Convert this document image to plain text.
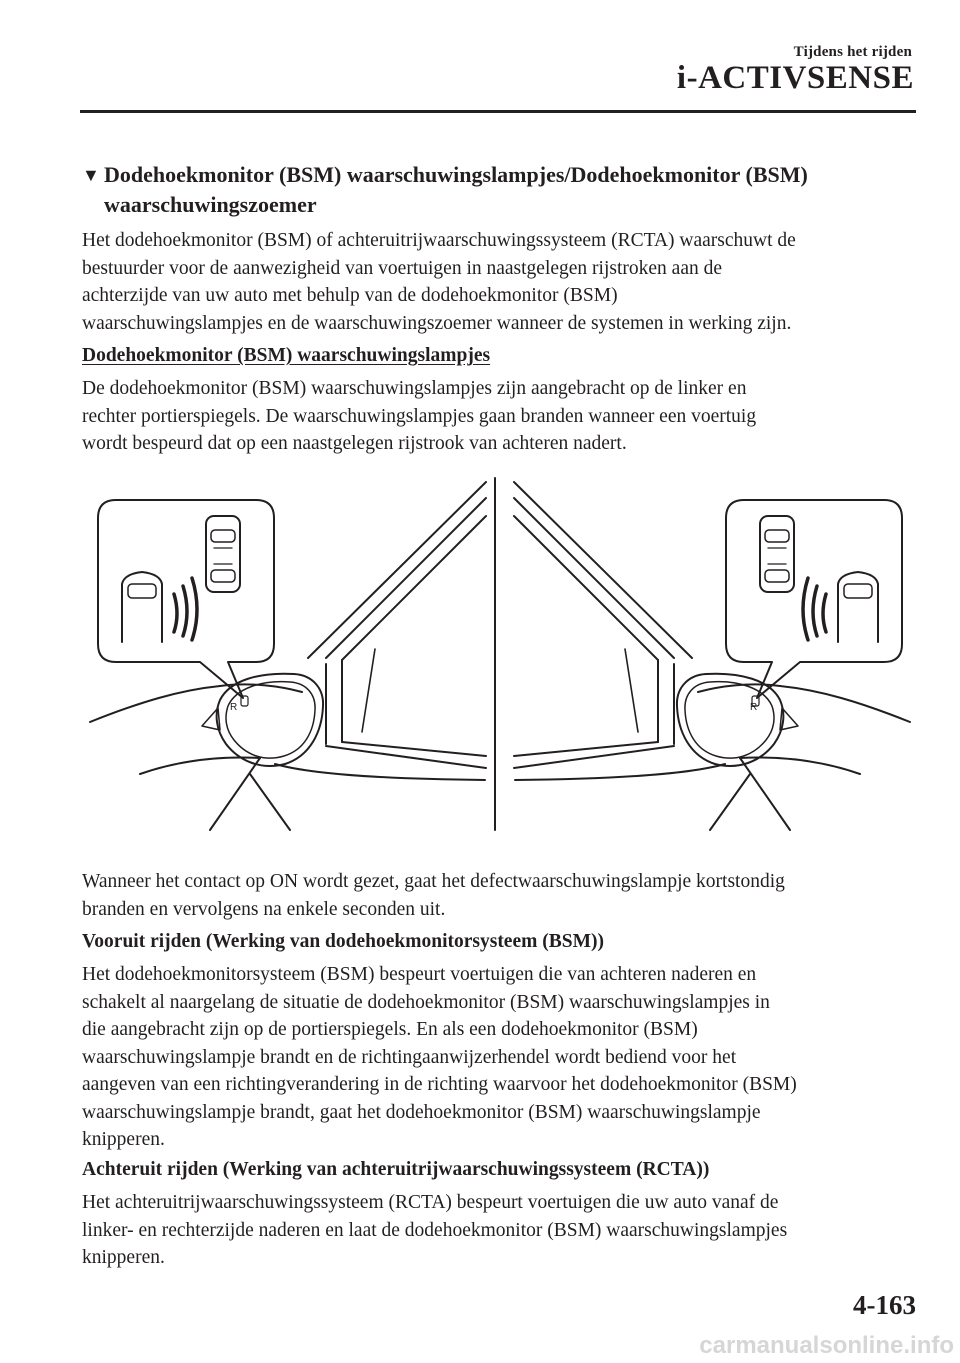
Tijdens het rijden
i-ACTIVSENSE
▼ Dodehoekmonitor (BSM) waarschuwingslampjes/Dodehoekmonitor (BSM)
waarschuwingszoemer
Het dodehoekmonitor (BSM) of achteruitrijwaarschuwingssysteem (RCTA) waarschuwt de
bestuurder voor de aanwezigheid van voertuigen in naastgelegen rijstroken aan de
achterzijde van uw auto met behulp van de dodehoekmonitor (BSM)
waarschuwingslampjes en de waarschuwingszoemer wanneer de systemen in werking zijn.
Dodehoekmonitor (BSM) waarschuwingslampjes
De dodehoekmonitor (BSM) waarschuwingslampjes zijn aangebracht op de linker en
rechter portierspiegels. De waarschuwingslampjes gaan branden wanneer een voertuig
wordt bespeurd dat op een naastgelegen rijstrook van achteren nadert.
R	R
Wanneer het contact op ON wordt gezet, gaat het defectwaarschuwingslampje kortstondig
branden en vervolgens na enkele seconden uit.
Vooruit rijden (Werking van dodehoekmonitorsysteem (BSM))
Het dodehoekmonitorsysteem (BSM) bespeurt voertuigen die van achteren naderen en
schakelt al naargelang de situatie de dodehoekmonitor (BSM) waarschuwingslampjes in
die aangebracht zijn op de portierspiegels. En als een dodehoekmonitor (BSM)
waarschuwingslampje brandt en de richtingaanwijzerhendel wordt bediend voor het
aangeven van een richtingverandering in de richting waarvoor het dodehoekmonitor (BSM)
waarschuwingslampje brandt, gaat het dodehoekmonitor (BSM) waarschuwingslampje
knipperen.
Achteruit rijden (Werking van achteruitrijwaarschuwingssysteem (RCTA))
Het achteruitrijwaarschuwingssysteem (RCTA) bespeurt voertuigen die uw auto vanaf de
linker- en rechterzijde naderen en laat de dodehoekmonitor (BSM) waarschuwingslampjes
knipperen.
4-163
carmanualsonline.info
